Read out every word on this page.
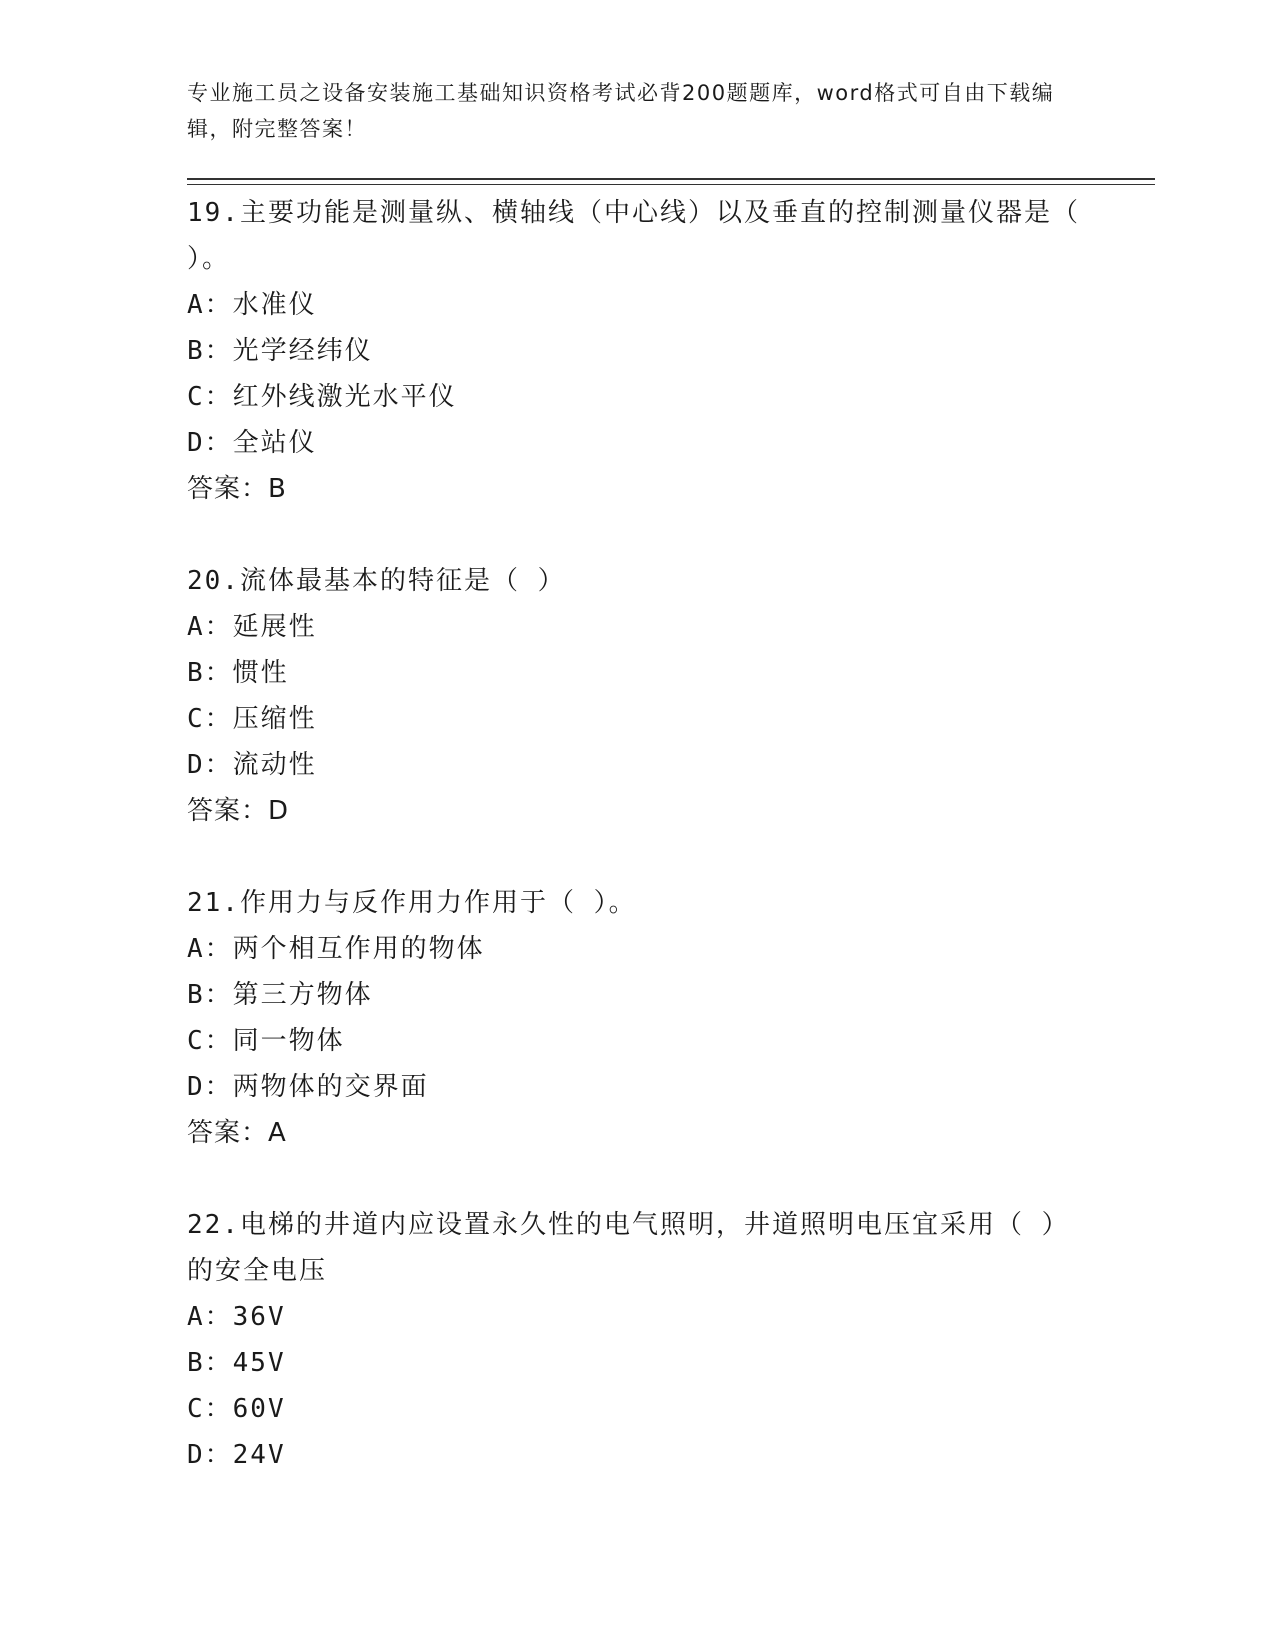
专业施工员之设备安装施工基础知识资格考试必背200题题库，word格式可自由下载编辑，附完整答案！
19.主要功能是测量纵、横轴线（中心线）以及垂直的控制测量仪器是（ ）。
A：水准仪
B：光学经纬仪
C：红外线激光水平仪
D：全站仪
答案：B
20.流体最基本的特征是（ ）
A：延展性
B：惯性
C：压缩性
D：流动性
答案：D
21.作用力与反作用力作用于（ ）。
A：两个相互作用的物体
B：第三方物体
C：同一物体
D：两物体的交界面
答案：A
22.电梯的井道内应设置永久性的电气照明，井道照明电压宜采用（ ）的安全电压
A：36V
B：45V
C：60V
D：24V
